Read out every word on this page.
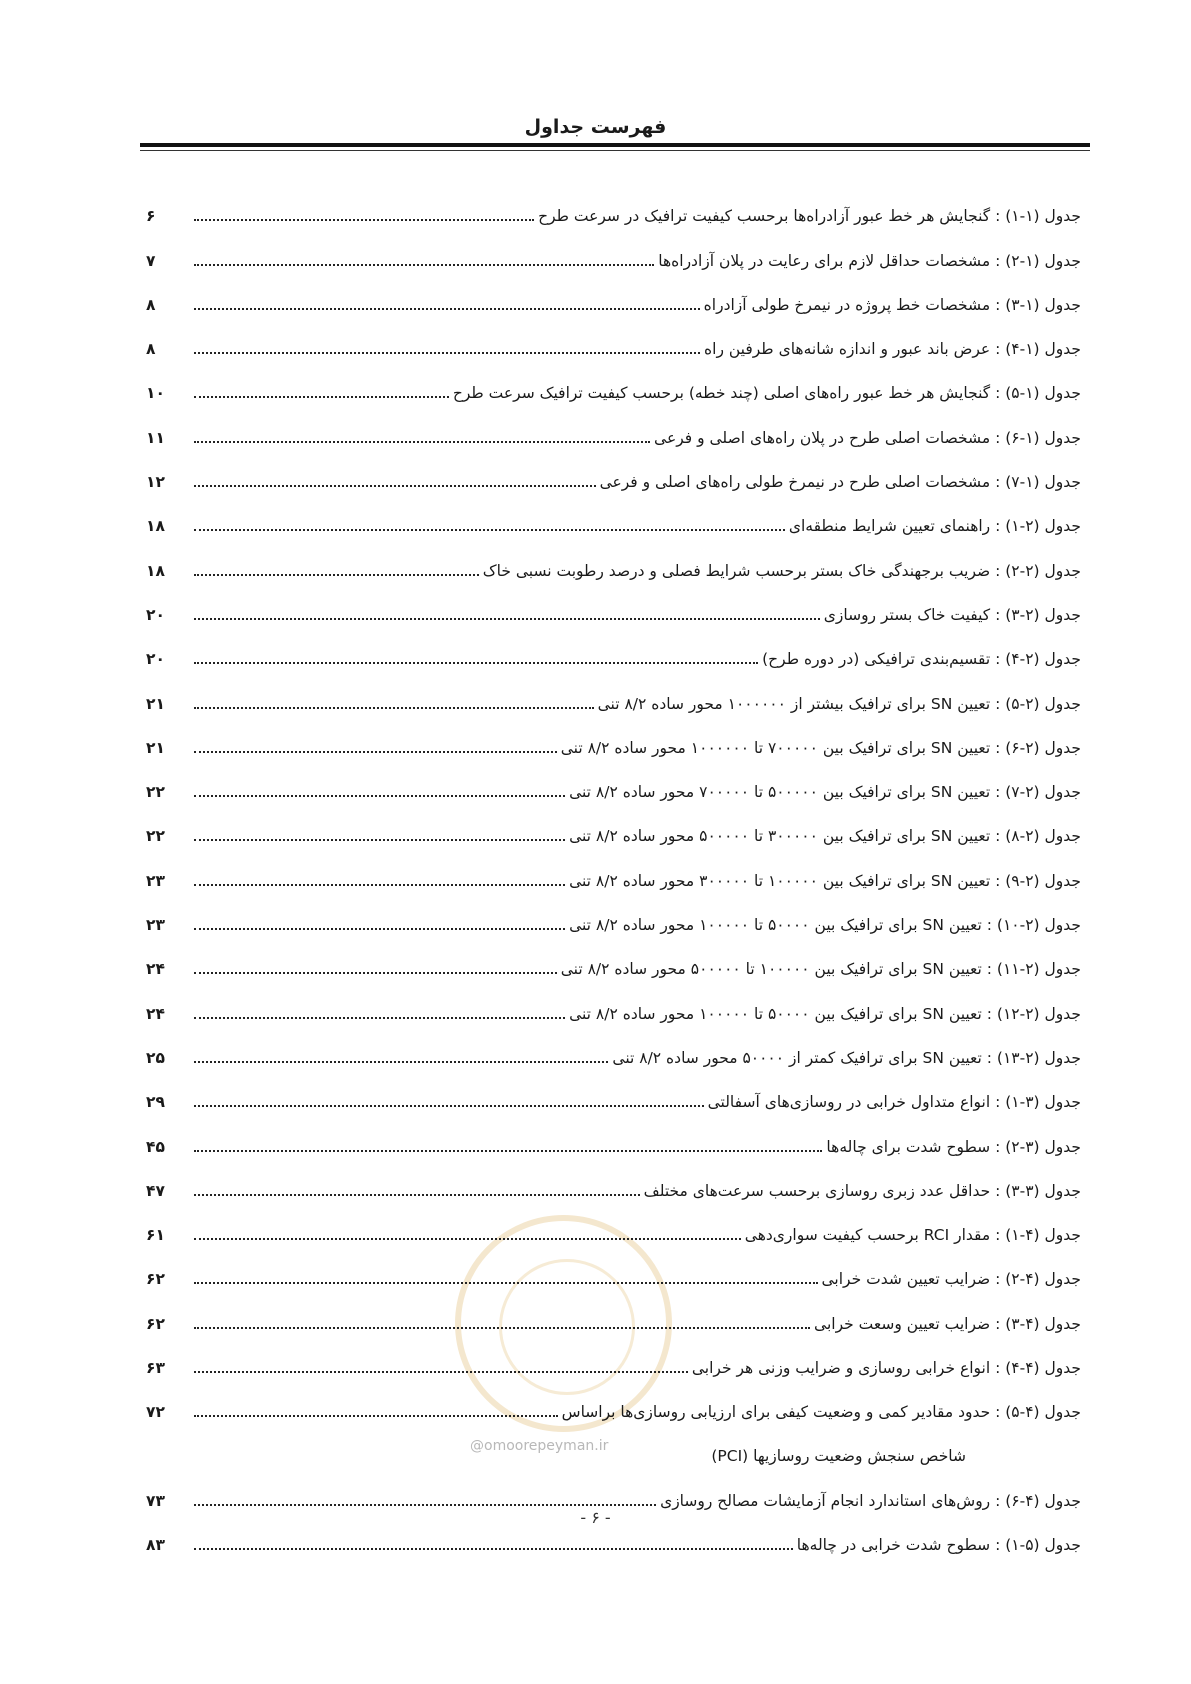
فهرست جداول
جدول (۱-۱) : گنجایش هر خط عبور آزادراه‌ها برحسب کیفیت ترافیک در سرعت طرح
۶
جدول (۱-۲) : مشخصات حداقل لازم برای رعایت در پلان آزادراه‌ها
۷
جدول (۱-۳) : مشخصات خط پروژه در نیمرخ طولی آزادراه
۸
جدول (۱-۴) : عرض باند عبور و اندازه شانه‌های طرفین راه
۸
جدول (۱-۵) : گنجایش هر خط عبور راه‌های اصلی (چند خطه) برحسب کیفیت ترافیک سرعت طرح
۱۰
جدول (۱-۶) : مشخصات اصلی طرح در پلان راه‌های اصلی و فرعی
۱۱
جدول (۱-۷) : مشخصات اصلی طرح در نیمرخ طولی راه‌های اصلی و فرعی
۱۲
جدول (۲-۱) : راهنمای تعیین شرایط منطقه‌ای
۱۸
جدول (۲-۲) : ضریب برجهندگی خاک بستر برحسب شرایط فصلی و درصد رطوبت نسبی خاک
۱۸
جدول (۲-۳) : کیفیت خاک بستر روسازی
۲۰
جدول (۲-۴) : تقسیم‌بندی ترافیکی (در دوره طرح)
۲۰
جدول (۲-۵) : تعیین SN برای ترافیک بیشتر از ۱۰۰۰۰۰۰ محور ساده ۸/۲ تنی
۲۱
جدول (۲-۶) : تعیین SN برای ترافیک بین ۷۰۰۰۰۰ تا ۱۰۰۰۰۰۰ محور ساده ۸/۲ تنی
۲۱
جدول (۲-۷) : تعیین SN برای ترافیک بین ۵۰۰۰۰۰ تا ۷۰۰۰۰۰ محور ساده ۸/۲ تنی
۲۲
جدول (۲-۸) : تعیین SN برای ترافیک بین ۳۰۰۰۰۰ تا ۵۰۰۰۰۰ محور ساده ۸/۲ تنی
۲۲
جدول (۲-۹) : تعیین SN برای ترافیک بین ۱۰۰۰۰۰ تا ۳۰۰۰۰۰ محور ساده ۸/۲ تنی
۲۳
جدول (۲-۱۰) : تعیین SN برای ترافیک بین ۵۰۰۰۰ تا ۱۰۰۰۰۰ محور ساده ۸/۲ تنی
۲۳
جدول (۲-۱۱) : تعیین SN برای ترافیک بین ۱۰۰۰۰۰ تا ۵۰۰۰۰۰ محور ساده ۸/۲ تنی
۲۴
جدول (۲-۱۲) : تعیین SN برای ترافیک بین ۵۰۰۰۰ تا ۱۰۰۰۰۰ محور ساده ۸/۲ تنی
۲۴
جدول (۲-۱۳) : تعیین SN برای ترافیک کمتر از ۵۰۰۰۰ محور ساده ۸/۲ تنی
۲۵
جدول (۳-۱) : انواع متداول خرابی در روسازی‌های آسفالتی
۲۹
جدول (۳-۲) : سطوح شدت برای چاله‌ها
۴۵
جدول (۳-۳) : حداقل عدد زبری روسازی برحسب سرعت‌های مختلف
۴۷
جدول (۴-۱) : مقدار RCI برحسب کیفیت سواری‌دهی
۶۱
جدول (۴-۲) : ضرایب تعیین شدت خرابی
۶۲
جدول (۴-۳) : ضرایب تعیین وسعت خرابی
۶۲
جدول (۴-۴) : انواع خرابی روسازی و ضرایب وزنی هر خرابی
۶۳
جدول (۴-۵) : حدود مقادیر کمی و وضعیت کیفی برای ارزیابی روسازی‌ها براساس
۷۲
شاخص سنجش وضعیت روسازیها (PCI)
جدول (۴-۶) : روش‌های استاندارد انجام آزمایشات مصالح روسازی
۷۳
جدول (۵-۱) : سطوح شدت خرابی در چاله‌ها
۸۳
@omoorepeyman.ir
- ۶ -
